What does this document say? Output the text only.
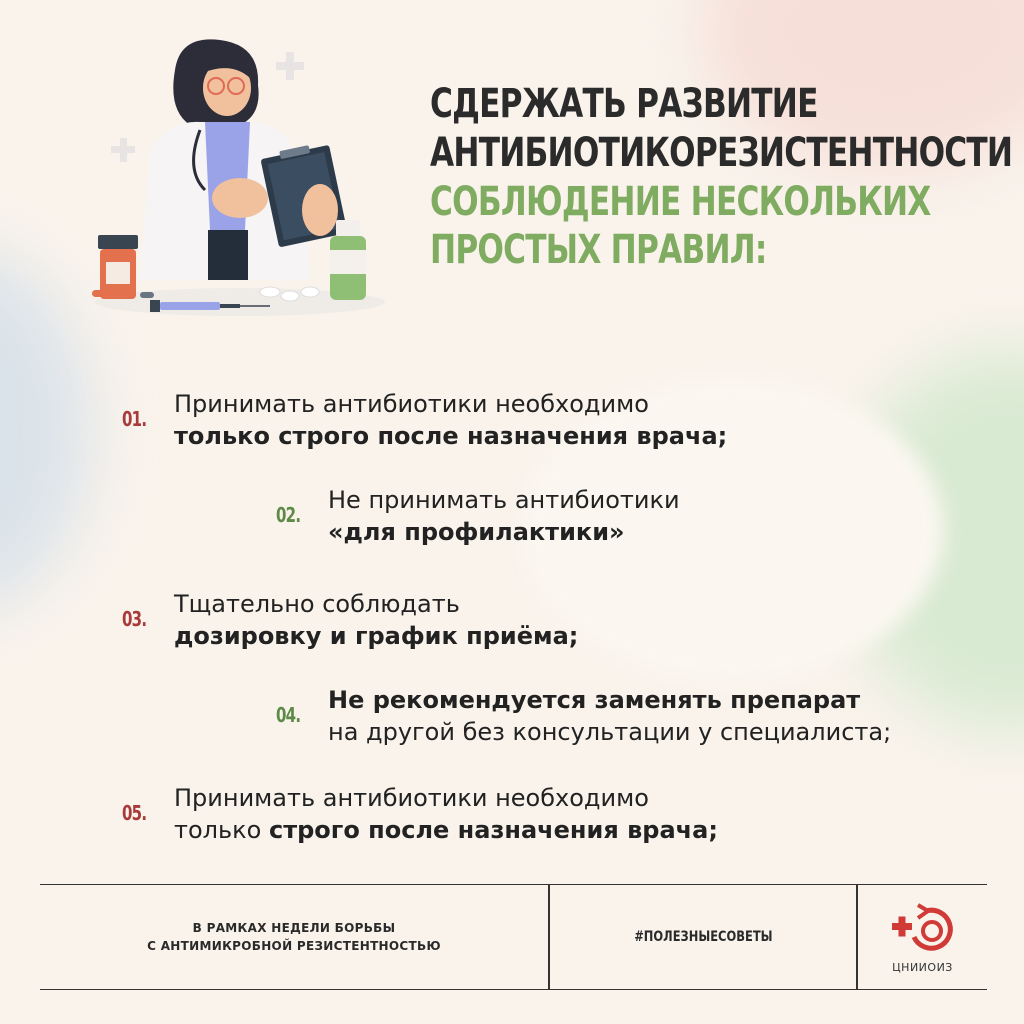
СДЕРЖАТЬ РАЗВИТИЕ
АНТИБИОТИКОРЕЗИСТЕНТНОСТИ
СОБЛЮДЕНИЕ НЕСКОЛЬКИХ
ПРОСТЫХ ПРАВИЛ:
01.
Принимать антибиотики необходимо
только строго после назначения врача;
02.
Не принимать антибиотики
«для профилактики»
03.
Тщательно соблюдать
дозировку и график приёма;
04.
Не рекомендуется заменять препарат
на другой без консультации у специалиста;
05.
Принимать антибиотики необходимо
только строго после назначения врача;
В РАМКАХ НЕДЕЛИ БОРЬБЫ
С АНТИМИКРОБНОЙ РЕЗИСТЕНТНОСТЬЮ
#ПОЛЕЗНЫЕСОВЕТЫ
ЦНИИОИЗ
